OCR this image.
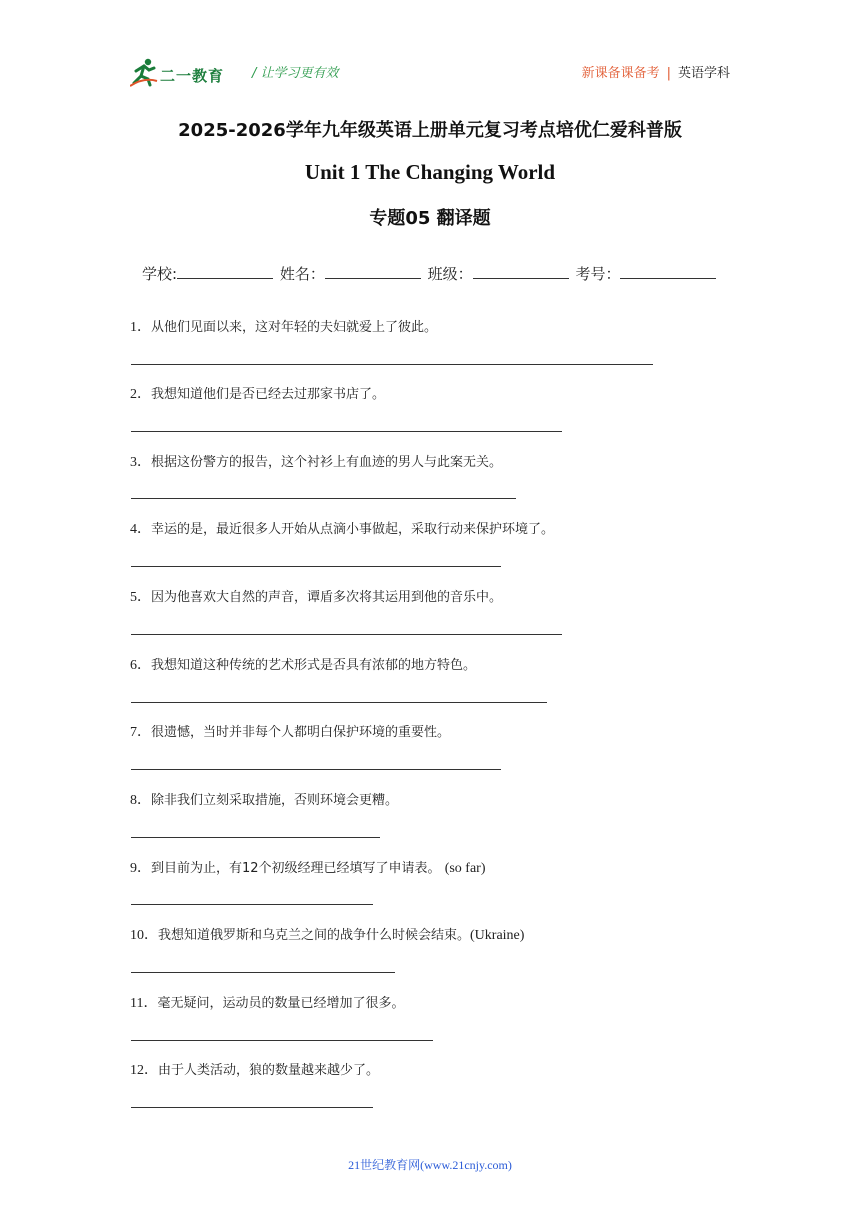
二一教育 / 让学习更有效	新课备课备考 | 英语学科
2025-2026学年九年级英语上册单元复习考点培优仁爱科普版
Unit 1 The Changing World
专题05 翻译题
学校:	姓名：	班级：	考号：
1．从他们见面以来，这对年轻的夫妇就爱上了彼此。
2．我想知道他们是否已经去过那家书店了。
3．根据这份警方的报告，这个衬衫上有血迹的男人与此案无关。
4．幸运的是，最近很多人开始从点滴小事做起，采取行动来保护环境了。
5．因为他喜欢大自然的声音，谭盾多次将其运用到他的音乐中。
6．我想知道这种传统的艺术形式是否具有浓郁的地方特色。
7．很遗憾，当时并非每个人都明白保护环境的重要性。
8．除非我们立刻采取措施，否则环境会更糟。
9．到目前为止，有12个初级经理已经填写了申请表。 (so far)
10．我想知道俄罗斯和乌克兰之间的战争什么时候会结束。(Ukraine)
11．毫无疑问，运动员的数量已经增加了很多。
12．由于人类活动，狼的数量越来越少了。
21世纪教育网(www.21cnjy.com)
